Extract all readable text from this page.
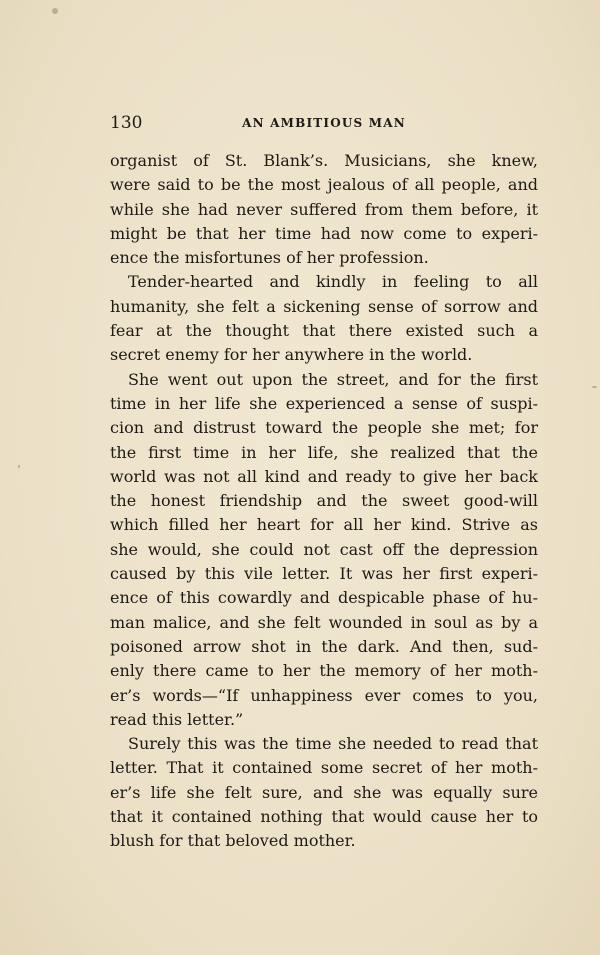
130	AN AMBITIOUS MAN
organist of St. Blank’s. Musicians, she knew,
were said to be the most jealous of all people, and
while she had never suffered from them before, it
might be that her time had now come to experi-
ence the misfortunes of her profession.
Tender-hearted and kindly in feeling to all
humanity, she felt a sickening sense of sorrow and
fear at the thought that there existed such a
secret enemy for her anywhere in the world.
She went out upon the street, and for the first
time in her life she experienced a sense of suspi-
cion and distrust toward the people she met; for
the first time in her life, she realized that the
world was not all kind and ready to give her back
the honest friendship and the sweet good-will
which filled her heart for all her kind. Strive as
she would, she could not cast off the depression
caused by this vile letter. It was her first experi-
ence of this cowardly and despicable phase of hu-
man malice, and she felt wounded in soul as by a
poisoned arrow shot in the dark. And then, sud-
enly there came to her the memory of her moth-
er’s words—“If unhappiness ever comes to you,
read this letter.”
Surely this was the time she needed to read that
letter. That it contained some secret of her moth-
er’s life she felt sure, and she was equally sure
that it contained nothing that would cause her to
blush for that beloved mother.
